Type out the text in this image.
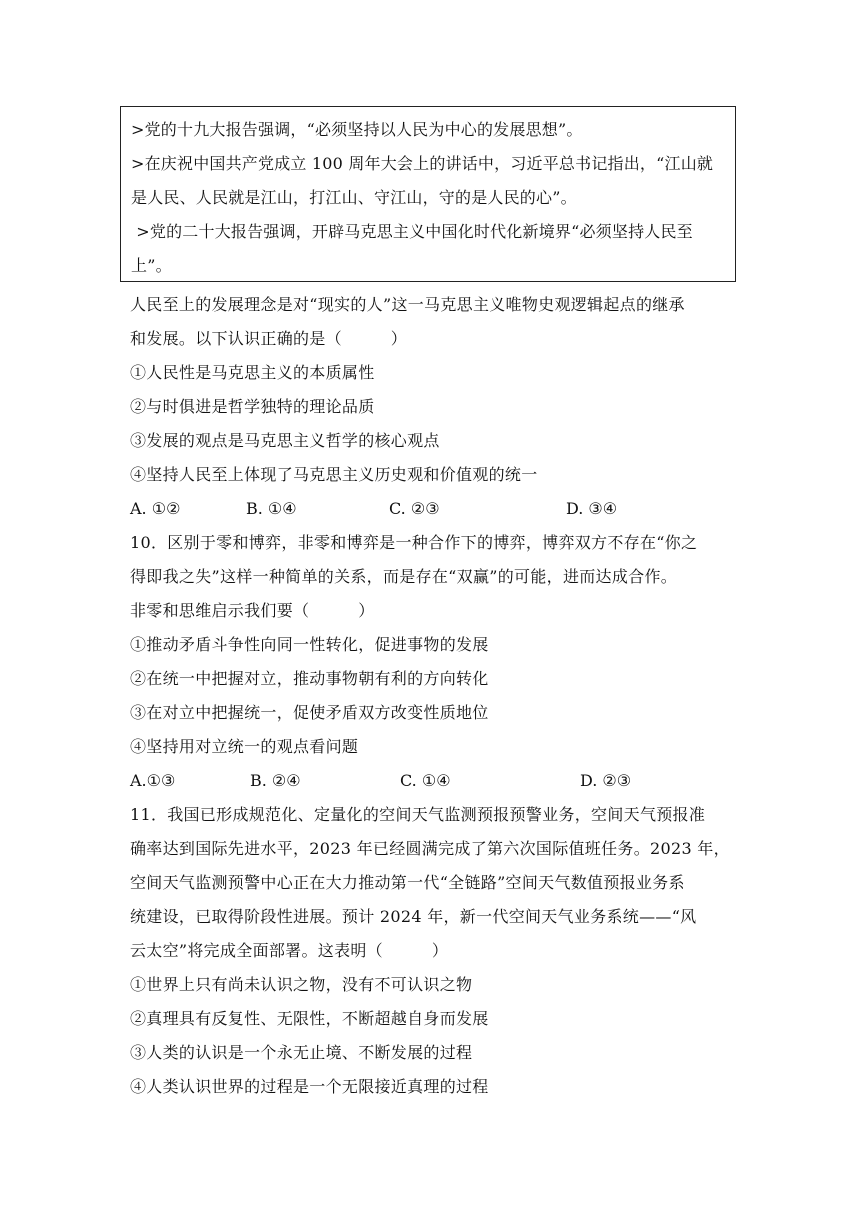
>党的十九大报告强调，“必须坚持以人民为中心的发展思想”。
>在庆祝中国共产党成立 100 周年大会上的讲话中，习近平总书记指出，“江山就
是人民、人民就是江山，打江山、守江山，守的是人民的心”。
>党的二十大报告强调，开辟马克思主义中国化时代化新境界“必须坚持人民至
上”。
人民至上的发展理念是对“现实的人”这一马克思主义唯物史观逻辑起点的继承
和发展。以下认识正确的是（　　　）
①人民性是马克思主义的本质属性
②与时俱进是哲学独特的理论品质
③发展的观点是马克思主义哲学的核心观点
④坚持人民至上体现了马克思主义历史观和价值观的统一
A. ①②	B. ①④	C. ②③	D. ③④
10．区别于零和博弈，非零和博弈是一种合作下的博弈，博弈双方不存在“你之
得即我之失”这样一种简单的关系，而是存在“双赢”的可能，进而达成合作。
非零和思维启示我们要（　　　）
①推动矛盾斗争性向同一性转化，促进事物的发展
②在统一中把握对立，推动事物朝有利的方向转化
③在对立中把握统一，促使矛盾双方改变性质地位
④坚持用对立统一的观点看问题
A.①③	B. ②④	C. ①④	D. ②③
11．我国已形成规范化、定量化的空间天气监测预报预警业务，空间天气预报准
确率达到国际先进水平，2023 年已经圆满完成了第六次国际值班任务。2023 年，
空间天气监测预警中心正在大力推动第一代“全链路”空间天气数值预报业务系
统建设，已取得阶段性进展。预计 2024 年，新一代空间天气业务系统——“风
云太空”将完成全面部署。这表明（　　　）
①世界上只有尚未认识之物，没有不可认识之物
②真理具有反复性、无限性，不断超越自身而发展
③人类的认识是一个永无止境、不断发展的过程
④人类认识世界的过程是一个无限接近真理的过程
